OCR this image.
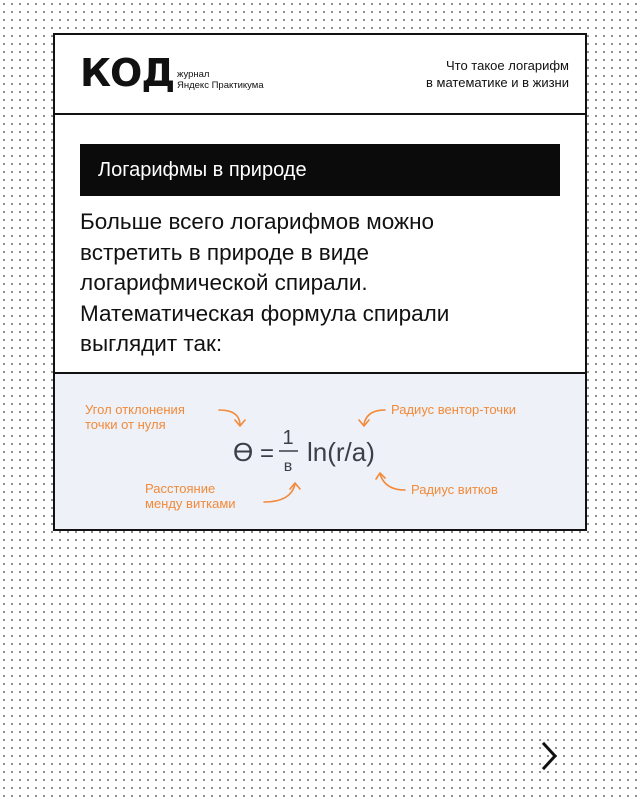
КОД журнал
Яндекс Практикума
Что такое логарифм
в математике и в жизни
Логарифмы в природе
Больше всего логарифмов можно
встретить в природе в виде
логарифмической спирали.
Математическая формула спирали
выглядит так:
Угол отклонения
точки от нуля
Расстояние
менду витками
Радиус вентор-точки
Радиус витков
ϴ =
1
в ln(r/a)
